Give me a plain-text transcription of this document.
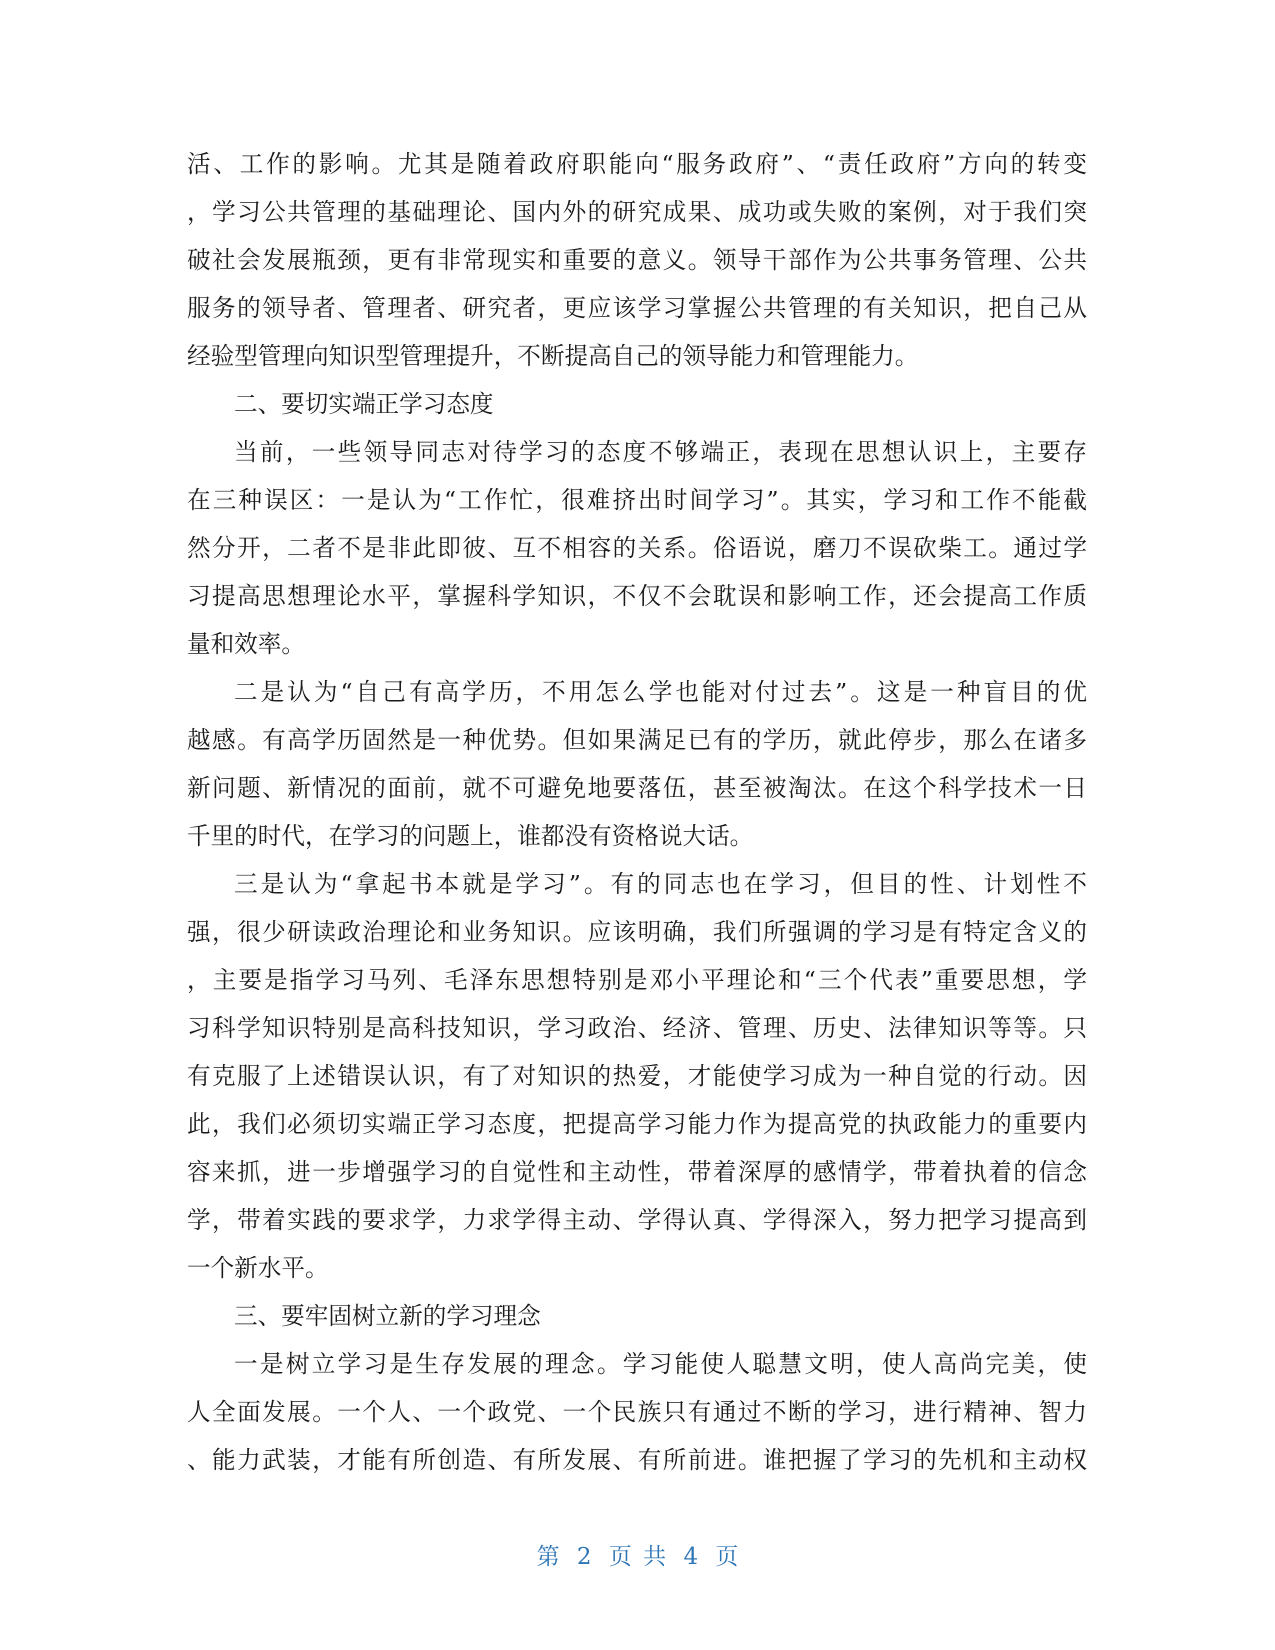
活、工作的影响。尤其是随着政府职能向“服务政府”、“责任政府”方向的转变
，学习公共管理的基础理论、国内外的研究成果、成功或失败的案例，对于我们突
破社会发展瓶颈，更有非常现实和重要的意义。领导干部作为公共事务管理、公共
服务的领导者、管理者、研究者，更应该学习掌握公共管理的有关知识，把自己从
经验型管理向知识型管理提升，不断提高自己的领导能力和管理能力。
二、要切实端正学习态度
当前，一些领导同志对待学习的态度不够端正，表现在思想认识上，主要存
在三种误区：一是认为“工作忙，很难挤出时间学习”。其实，学习和工作不能截
然分开，二者不是非此即彼、互不相容的关系。俗语说，磨刀不误砍柴工。通过学
习提高思想理论水平，掌握科学知识，不仅不会耽误和影响工作，还会提高工作质
量和效率。
二是认为“自己有高学历，不用怎么学也能对付过去”。这是一种盲目的优
越感。有高学历固然是一种优势。但如果满足已有的学历，就此停步，那么在诸多
新问题、新情况的面前，就不可避免地要落伍，甚至被淘汰。在这个科学技术一日
千里的时代，在学习的问题上，谁都没有资格说大话。
三是认为“拿起书本就是学习”。有的同志也在学习，但目的性、计划性不
强，很少研读政治理论和业务知识。应该明确，我们所强调的学习是有特定含义的
，主要是指学习马列、毛泽东思想特别是邓小平理论和“三个代表”重要思想，学
习科学知识特别是高科技知识，学习政治、经济、管理、历史、法律知识等等。只
有克服了上述错误认识，有了对知识的热爱，才能使学习成为一种自觉的行动。因
此，我们必须切实端正学习态度，把提高学习能力作为提高党的执政能力的重要内
容来抓，进一步增强学习的自觉性和主动性，带着深厚的感情学，带着执着的信念
学，带着实践的要求学，力求学得主动、学得认真、学得深入，努力把学习提高到
一个新水平。
三、要牢固树立新的学习理念
一是树立学习是生存发展的理念。学习能使人聪慧文明，使人高尚完美，使
人全面发展。一个人、一个政党、一个民族只有通过不断的学习，进行精神、智力
、能力武装，才能有所创造、有所发展、有所前进。谁把握了学习的先机和主动权
第 2 页 共 4 页
